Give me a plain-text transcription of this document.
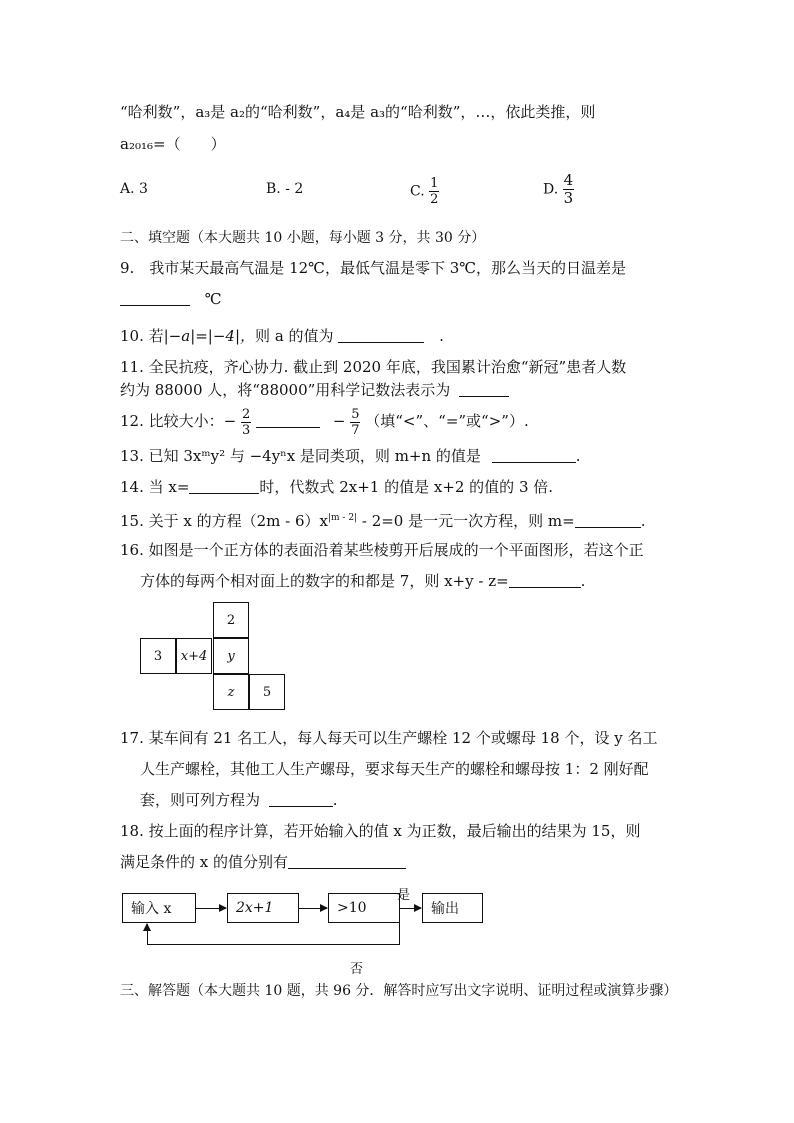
“哈利数”，a₃是 a₂的“哈利数”，a₄是 a₃的“哈利数”，…，依此类推，则
a₂₀₁₆=（　　）
A. 3	B. - 2	C. $\frac{1}{2}$	D. $\frac{4}{3}$
二、填空题（本大题共 10 小题，每小题 3 分，共 30 分）
9.　我市某天最高气温是 12℃，最低气温是零下 3℃，那么当天的日温差是
℃
10. 若|−a|=|−4|，则 a 的值为	.
11. 全民抗疫，齐心协力. 截止到 2020 年底，我国累计治愈“新冠”患者人数
约为 88000 人，将“88000”用科学记数法表示为
12. 比较大小：− $\frac{2}{3}$	− $\frac{5}{7}$ （填“<”、“=”或“>”）.
13. 已知 3xᵐy² 与 −4yⁿx 是同类项，则 m+n 的值是	.
14. 当 x=	时，代数式 2x+1 的值是 x+2 的值的 3 倍.
15. 关于 x 的方程$(2m - 6)x^{|m - 2|} - 2=0$ 是一元一次方程，则 m=	.
16. 如图是一个正方体的表面沿着某些棱剪开后展成的一个平面图形，若这个正
方体的每两个相对面上的数字的和都是 7，则 x+y - z=	.
2
3	x+4	y
z	5
17. 某车间有 21 名工人，每人每天可以生产螺栓 12 个或螺母 18 个，设 y 名工
人生产螺栓，其他工人生产螺母，要求每天生产的螺栓和螺母按 1：2 刚好配
套，则可列方程为	.
18. 按上面的程序计算，若开始输入的值 x 为正数，最后输出的结果为 15，则
满足条件的 x 的值分别有
输入 x	2x+1	>10
是
输出
否
三、解答题（本大题共 10 题，共 96 分．解答时应写出文字说明、证明过程或演算步骤）
